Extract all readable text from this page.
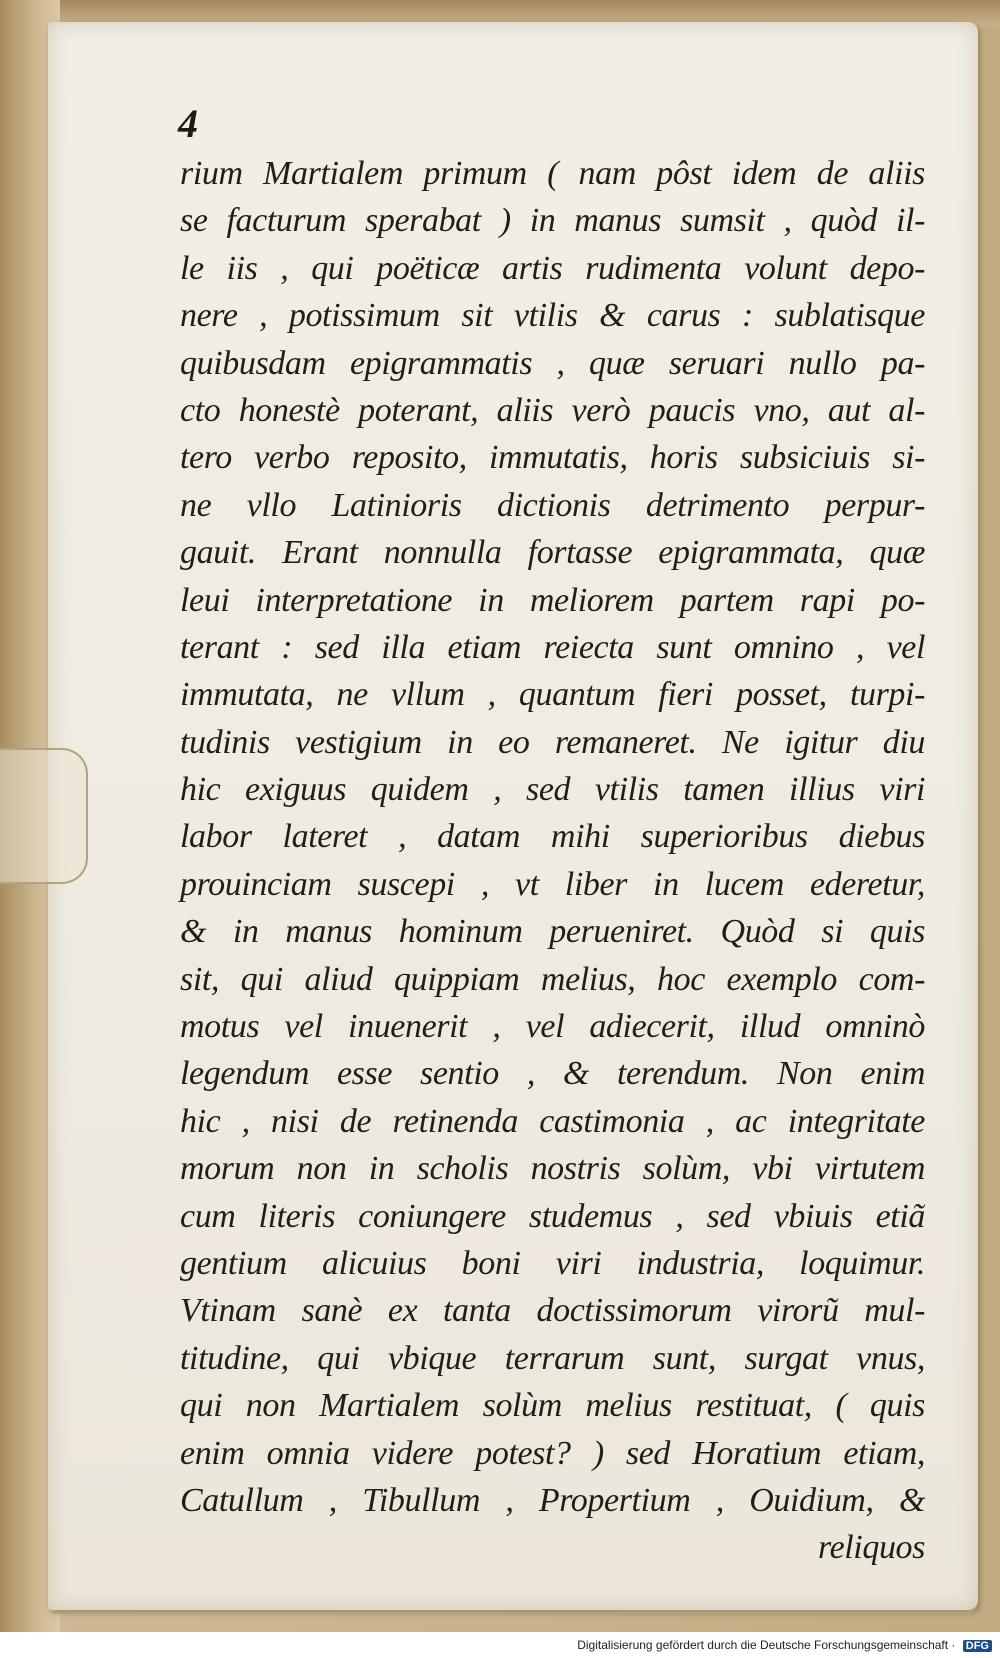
4
rium Martialem primum ( nam pôst idem de aliis
se facturum sperabat ) in manus sumsit , quòd il-
le iis , qui poëticæ artis rudimenta volunt depo-
nere , potissimum sit vtilis & carus : sublatisque
quibusdam epigrammatis , quæ seruari nullo pa-
cto honestè poterant, aliis verò paucis vno, aut al-
tero verbo reposito, immutatis, horis subsiciuis si-
ne vllo Latinioris dictionis detrimento perpur-
gauit. Erant nonnulla fortasse epigrammata, quæ
leui interpretatione in meliorem partem rapi po-
terant : sed illa etiam reiecta sunt omnino , vel
immutata, ne vllum , quantum fieri posset, turpi-
tudinis vestigium in eo remaneret. Ne igitur diu
hic exiguus quidem , sed vtilis tamen illius viri
labor lateret , datam mihi superioribus diebus
prouinciam suscepi , vt liber in lucem ederetur,
& in manus hominum perueniret. Quòd si quis
sit, qui aliud quippiam melius, hoc exemplo com-
motus vel inuenerit , vel adiecerit, illud omninò
legendum esse sentio , & terendum. Non enim
hic , nisi de retinenda castimonia , ac integritate
morum non in scholis nostris solùm, vbi virtutem
cum literis coniungere studemus , sed vbiuis etiã
gentium alicuius boni viri industria, loquimur.
Vtinam sanè ex tanta doctissimorum virorũ mul-
titudine, qui vbique terrarum sunt, surgat vnus,
qui non Martialem solùm melius restituat, ( quis
enim omnia videre potest? ) sed Horatium etiam,
Catullum , Tibullum , Propertium , Ouidium, &
reliquos
Digitalisierung gefördert durch die Deutsche Forschungsgemeinschaft · DFG
